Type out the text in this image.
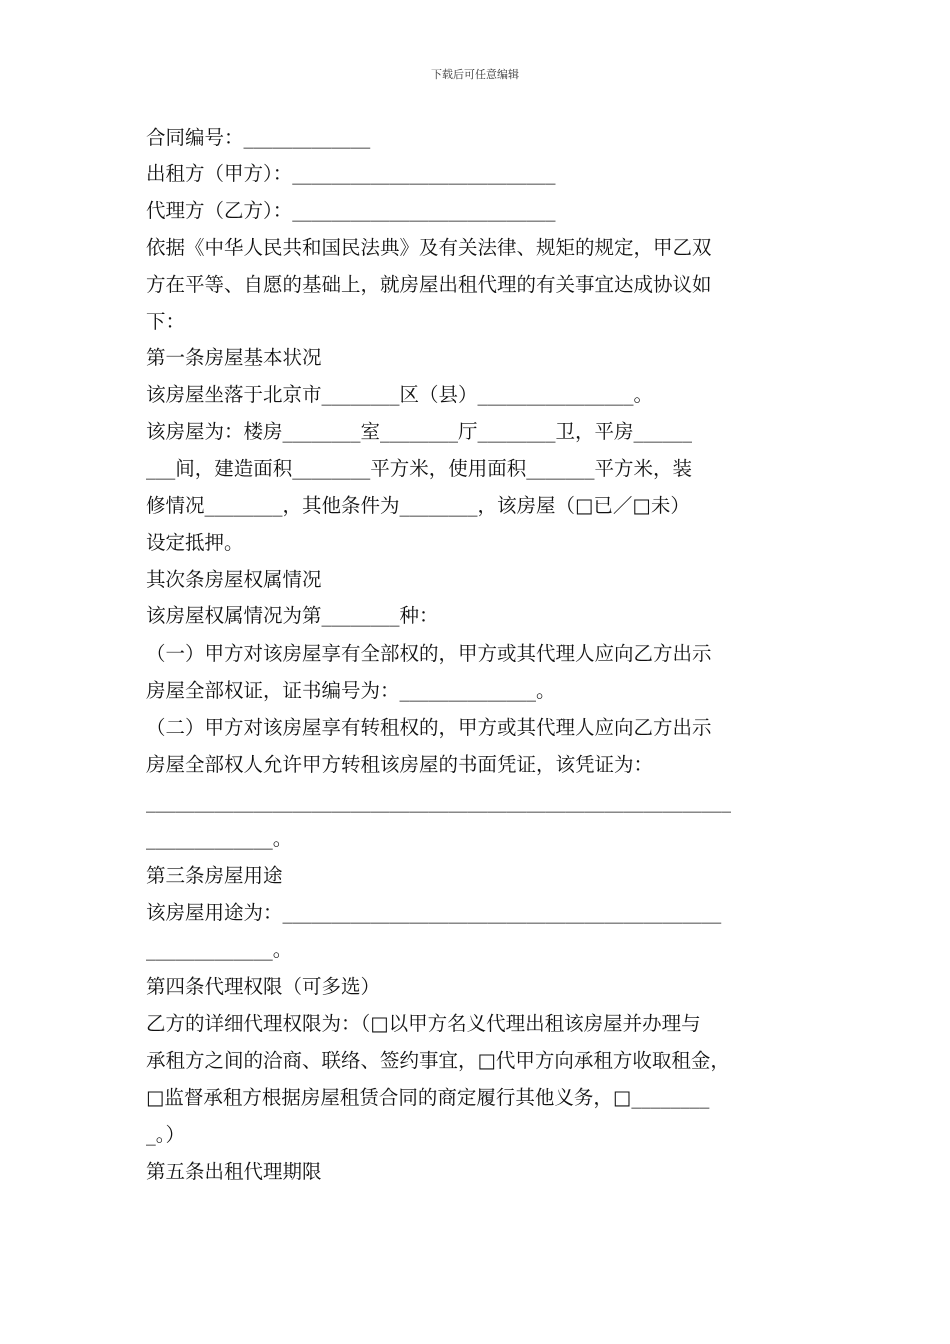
下载后可任意编辑
合同编号：_____________
出租方（甲方）：___________________________
代理方（乙方）：___________________________
依据《中华人民共和国民法典》及有关法律、规矩的规定，甲乙双
方在平等、自愿的基础上，就房屋出租代理的有关事宜达成协议如
下：
第一条房屋基本状况
该房屋坐落于北京市________区（县）________________。
该房屋为：楼房________室________厅________卫，平房______
___间，建造面积________平方米，使用面积_______平方米，装
修情况________，其他条件为________，该房屋（□已／□未）
设定抵押。
其次条房屋权属情况
该房屋权属情况为第________种：
（一）甲方对该房屋享有全部权的，甲方或其代理人应向乙方出示
房屋全部权证，证书编号为：______________。
（二）甲方对该房屋享有转租权的，甲方或其代理人应向乙方出示
房屋全部权人允许甲方转租该房屋的书面凭证，该凭证为：
____________________________________________________________
_____________。
第三条房屋用途
该房屋用途为：_____________________________________________
_____________。
第四条代理权限（可多选）
乙方的详细代理权限为：（□以甲方名义代理出租该房屋并办理与
承租方之间的洽商、联络、签约事宜，□代甲方向承租方收取租金，
□监督承租方根据房屋租赁合同的商定履行其他义务，□________
_。）
第五条出租代理期限
